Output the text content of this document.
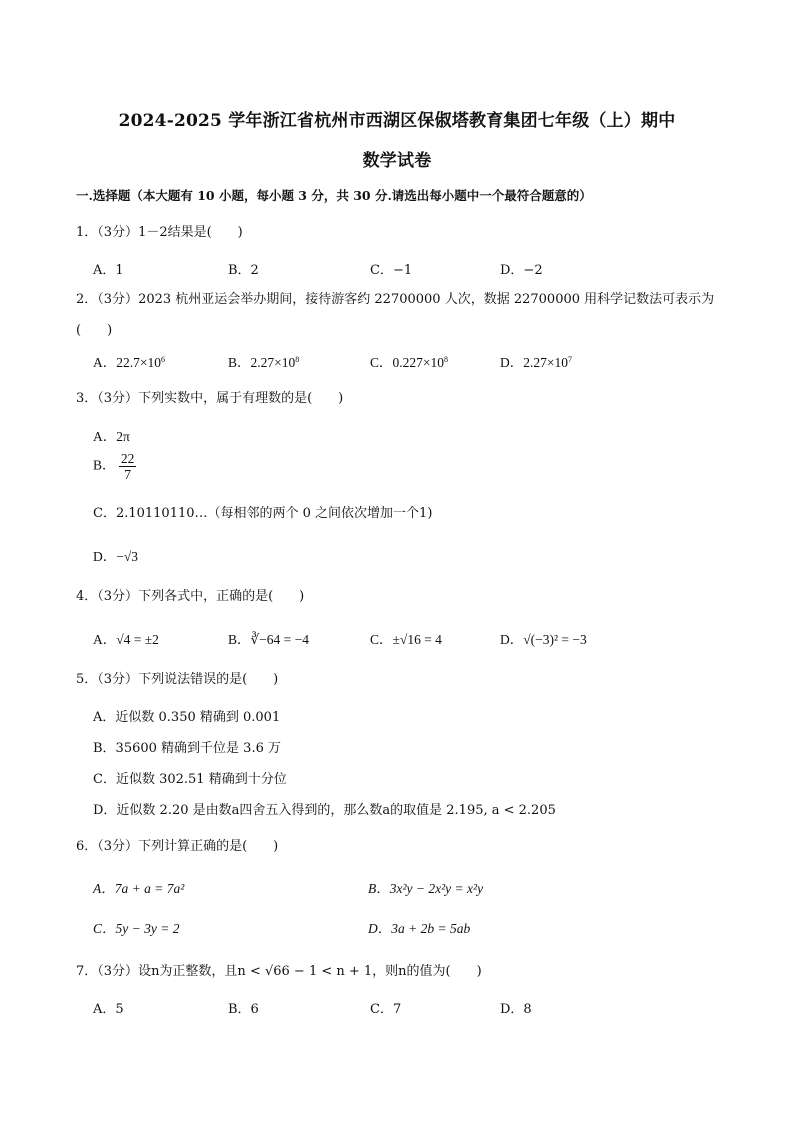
2024-2025 学年浙江省杭州市西湖区保俶塔教育集团七年级（上）期中
数学试卷
一.选择题（本大题有 10 小题，每小题 3 分，共 30 分.请选出每小题中一个最符合题意的）
1．（3分）1－2结果是(　　)
A．1	B．2	C．−1	D．−2
2．（3分）2023 杭州亚运会举办期间，接待游客约 22700000 人次，数据 22700000 用科学记数法可表示为(　　)
A．$22.7\times 10^6$	B．$2.27\times 10^8$	C．$0.227\times 10^8$	D．$2.27\times 10^7$
3．（3分）下列实数中，属于有理数的是(　　)
A．2π
B． $\frac{22}{7}$
C．2.10110110…（每相邻的两个 0 之间依次增加一个1)
D．−√3
4．（3分）下列各式中，正确的是(　　)
A．√4 = ±2	B．∛−64 = −4	C．±√16 = 4	D．√(−3)² = −3
5．（3分）下列说法错误的是(　　)
A．近似数 0.350 精确到 0.001
B．35600 精确到千位是 3.6 万
C．近似数 302.51 精确到十分位
D．近似数 2.20 是由数a四舍五入得到的，那么数a的取值是 2.195, a < 2.205
6．（3分）下列计算正确的是(　　)
A．7a + a = 7a²	B．3x²y − 2x²y = x²y
C．5y − 3y = 2	D．3a + 2b = 5ab
7．（3分）设n为正整数，且n < √66 − 1 < n + 1，则n的值为(　　)
A．5	B．6	C．7	D．8
